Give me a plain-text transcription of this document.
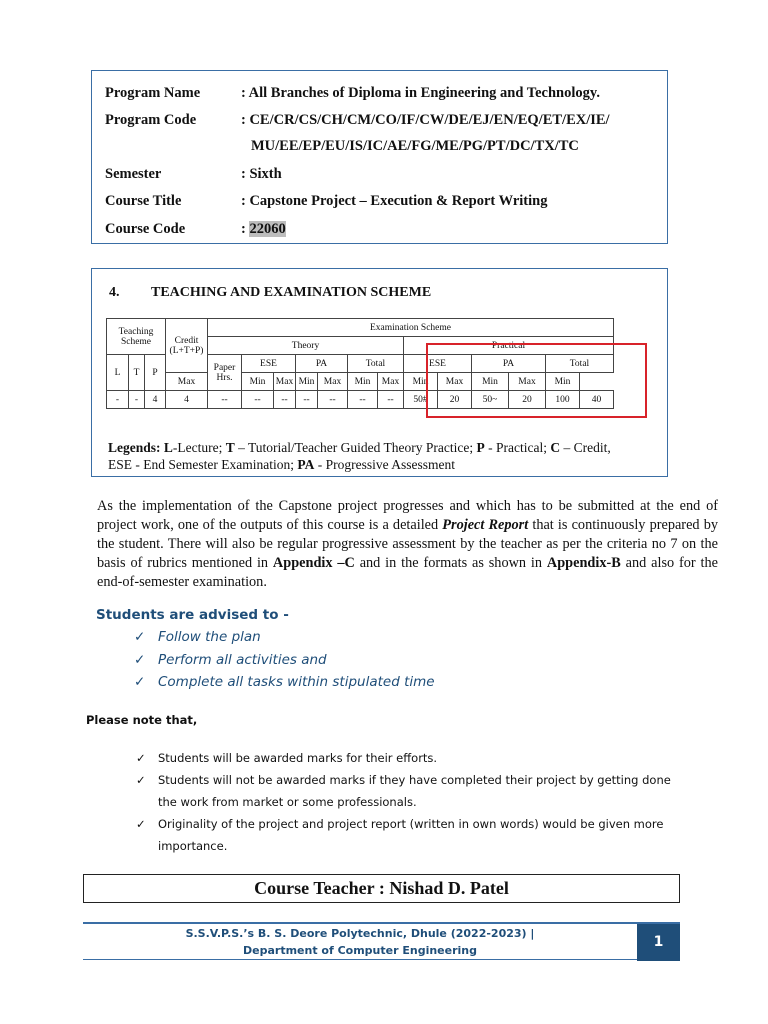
Program Name	: All Branches of Diploma in Engineering and Technology.
Program Code	: CE/CR/CS/CH/CM/CO/IF/CW/DE/EJ/EN/EQ/ET/EX/IE/
MU/EE/EP/EU/IS/IC/AE/FG/ME/PG/PT/DC/TX/TC
Semester	: Sixth
Course Title	: Capstone Project – Execution & Report Writing
Course Code	: 22060
4. TEACHING AND EXAMINATION SCHEME
Teaching Scheme			Credit (L+T+P)	Examination Scheme												
				Theory							Practical					
L	T	P		Paper Hrs.	ESE		PA		Total		ESE		PA		Total	
			Max		Min	Max	Min	Max	Min	Max	Min	Max	Min	Max	Min	
-	-	4	4	--	--	--	--	--	--	--	50#	20	50~	20	100	40
Legends: L-Lecture; T – Tutorial/Teacher Guided Theory Practice; P - Practical; C – Credit,
ESE - End Semester Examination; PA - Progressive Assessment
As the implementation of the Capstone project progresses and which has to be submitted at the end of project work, one of the outputs of this course is a detailed Project Report that is continuously prepared by the student. There will also be regular progressive assessment by the teacher as per the criteria no 7 on the basis of rubrics mentioned in Appendix –C and in the formats as shown in Appendix-B and also for the end-of-semester examination.
Students are advised to -
✓ Follow the plan
✓ Perform all activities and
✓ Complete all tasks within stipulated time
Please note that,
✓ Students will be awarded marks for their efforts.
✓ Students will not be awarded marks if they have completed their project by getting done the work from market or some professionals.
✓ Originality of the project and project report (written in own words) would be given more importance.
Course Teacher : Nishad D. Patel
S.S.V.P.S.’s B. S. Deore Polytechnic, Dhule (2022-2023) |
Department of Computer Engineering
1
